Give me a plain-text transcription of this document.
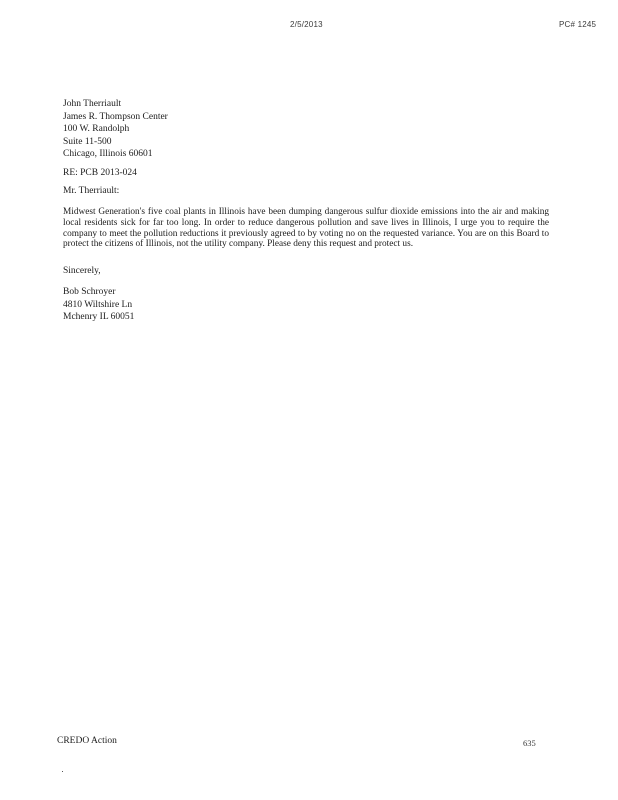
2/5/2013	PC# 1245
John Therriault
James R. Thompson Center
100 W. Randolph
Suite 11-500
Chicago, Illinois 60601
RE: PCB 2013-024
Mr. Therriault:
Midwest Generation's five coal plants in Illinois have been dumping dangerous sulfur dioxide emissions into the air and making local residents sick for far too long. In order to reduce dangerous pollution and save lives in Illinois, I urge you to require the company to meet the pollution reductions it previously agreed to by voting no on the requested variance. You are on this Board to protect the citizens of Illinois, not the utility company. Please deny this request and protect us.
Sincerely,
Bob Schroyer
4810 Wiltshire Ln
Mchenry IL 60051
CREDO Action	635
